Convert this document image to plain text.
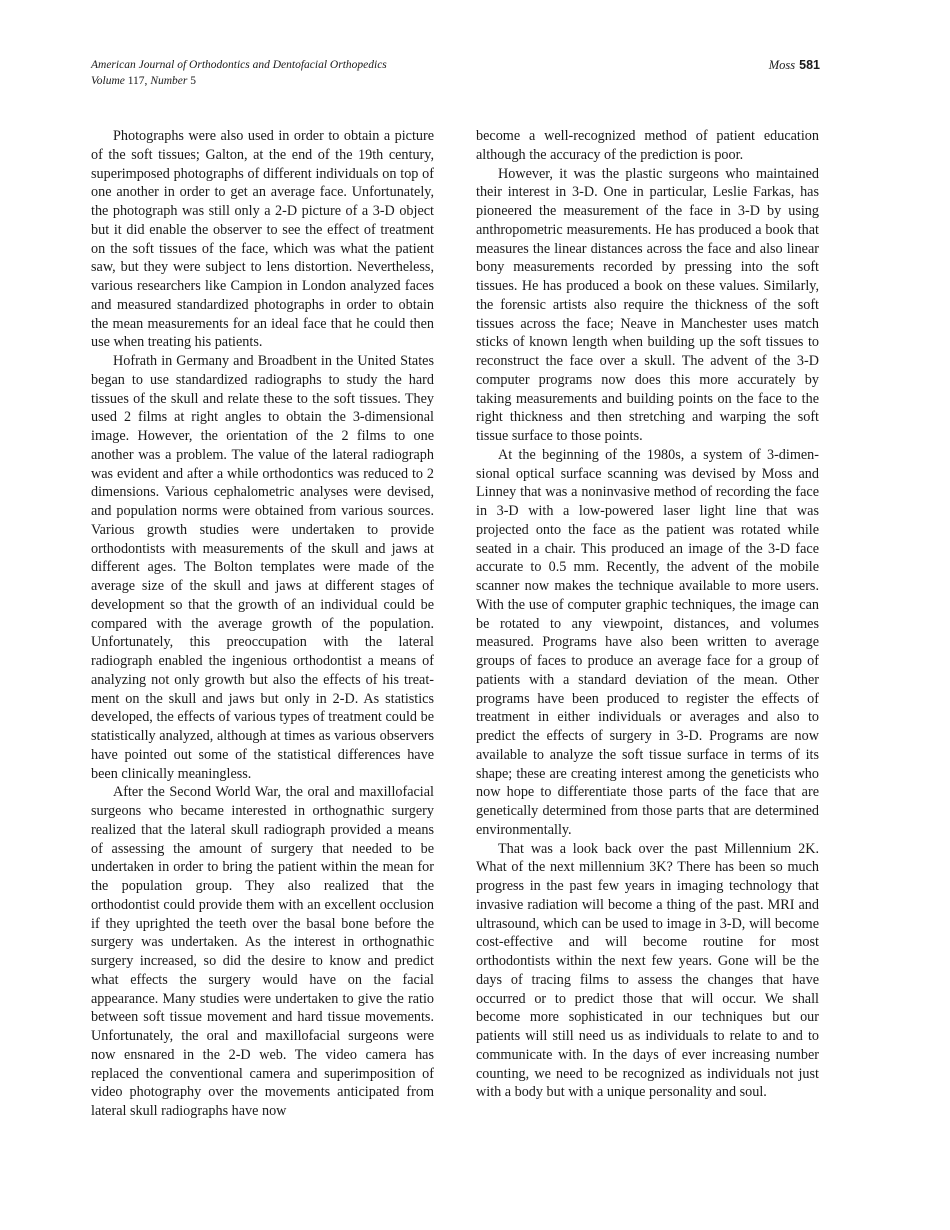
American Journal of Orthodontics and Dentofacial Orthopedics
Volume 117, Number 5
Moss 581

Photographs were also used in order to obtain a picture of the soft tissues; Galton, at the end of the 19th century, superimposed photographs of different individuals on top of one another in order to get an average face. Unfortunately, the photograph was still only a 2-D picture of a 3-D object but it did enable the observer to see the effect of treatment on the soft tissues of the face, which was what the patient saw, but they were subject to lens distortion. Nevertheless, various researchers like Campion in London analyzed faces and measured standardized photographs in order to obtain the mean measurements for an ideal face that he could then use when treating his patients.

Hofrath in Germany and Broadbent in the United States began to use standardized radiographs to study the hard tissues of the skull and relate these to the soft tissues. They used 2 films at right angles to obtain the 3-dimensional image. However, the orientation of the 2 films to one another was a problem. The value of the lateral radiograph was evident and after a while orthodontics was reduced to 2 dimensions. Various cephalometric analyses were devised, and population norms were obtained from various sources. Various growth studies were undertaken to provide orthodontists with measurements of the skull and jaws at different ages. The Bolton templates were made of the average size of the skull and jaws at different stages of development so that the growth of an individual could be compared with the average growth of the population. Unfortunately, this preoccupation with the lateral radiograph enabled the ingenious orthodontist a means of analyzing not only growth but also the effects of his treatment on the skull and jaws but only in 2-D. As statistics developed, the effects of various types of treatment could be statistically analyzed, although at times as various observers have pointed out some of the statistical differences have been clinically meaningless.

After the Second World War, the oral and maxillofacial surgeons who became interested in orthognathic surgery realized that the lateral skull radiograph provided a means of assessing the amount of surgery that needed to be undertaken in order to bring the patient within the mean for the population group. They also realized that the orthodontist could provide them with an excellent occlusion if they uprighted the teeth over the basal bone before the surgery was undertaken. As the interest in orthognathic surgery increased, so did the desire to know and predict what effects the surgery would have on the facial appearance. Many studies were undertaken to give the ratio between soft tissue movement and hard tissue movements. Unfortunately, the oral and maxillofacial surgeons were now ensnared in the 2-D web. The video camera has replaced the conventional camera and superimposition of video photography over the movements anticipated from lateral skull radiographs have now

become a well-recognized method of patient education although the accuracy of the prediction is poor.

However, it was the plastic surgeons who maintained their interest in 3-D. One in particular, Leslie Farkas, has pioneered the measurement of the face in 3-D by using anthropometric measurements. He has produced a book that measures the linear distances across the face and also linear bony measurements recorded by pressing into the soft tissues. He has produced a book on these values. Similarly, the forensic artists also require the thickness of the soft tissues across the face; Neave in Manchester uses match sticks of known length when building up the soft tissues to reconstruct the face over a skull. The advent of the 3-D computer programs now does this more accurately by taking measurements and building points on the face to the right thickness and then stretching and warping the soft tissue surface to those points.

At the beginning of the 1980s, a system of 3-dimensional optical surface scanning was devised by Moss and Linney that was a noninvasive method of recording the face in 3-D with a low-powered laser light line that was projected onto the face as the patient was rotated while seated in a chair. This produced an image of the 3-D face accurate to 0.5 mm. Recently, the advent of the mobile scanner now makes the technique available to more users. With the use of computer graphic techniques, the image can be rotated to any viewpoint, distances, and volumes measured. Programs have also been written to average groups of faces to produce an average face for a group of patients with a standard deviation of the mean. Other programs have been produced to register the effects of treatment in either individuals or averages and also to predict the effects of surgery in 3-D. Programs are now available to analyze the soft tissue surface in terms of its shape; these are creating interest among the geneticists who now hope to differentiate those parts of the face that are genetically determined from those parts that are determined environmentally.

That was a look back over the past Millennium 2K. What of the next millennium 3K? There has been so much progress in the past few years in imaging technology that invasive radiation will become a thing of the past. MRI and ultrasound, which can be used to image in 3-D, will become cost-effective and will become routine for most orthodontists within the next few years. Gone will be the days of tracing films to assess the changes that have occurred or to predict those that will occur. We shall become more sophisticated in our techniques but our patients will still need us as individuals to relate to and to communicate with. In the days of ever increasing number counting, we need to be recognized as individuals not just with a body but with a unique personality and soul.
